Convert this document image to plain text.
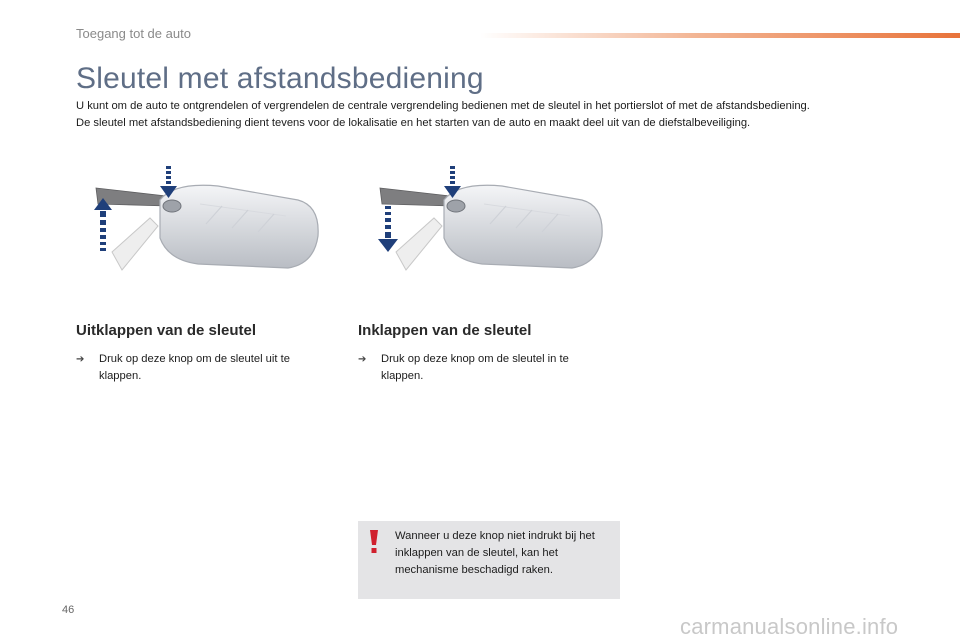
Toegang tot de auto
Sleutel met afstandsbediening

U kunt om de auto te ontgrendelen of vergrendelen de centrale vergrendeling bedienen met de sleutel in het portierslot of met de afstandsbediening.

De sleutel met afstandsbediening dient tevens voor de lokalisatie en het starten van de auto en maakt deel uit van de diefstalbeveiliging.

Uitklappen van de sleutel	Inklappen van de sleutel
➔ Druk op deze knop om de sleutel uit te klappen.
➔ Druk op deze knop om de sleutel in te klappen.
Wanneer u deze knop niet indrukt bij het inklappen van de sleutel, kan het mechanisme beschadigd raken.
46
carmanualsonline.info
